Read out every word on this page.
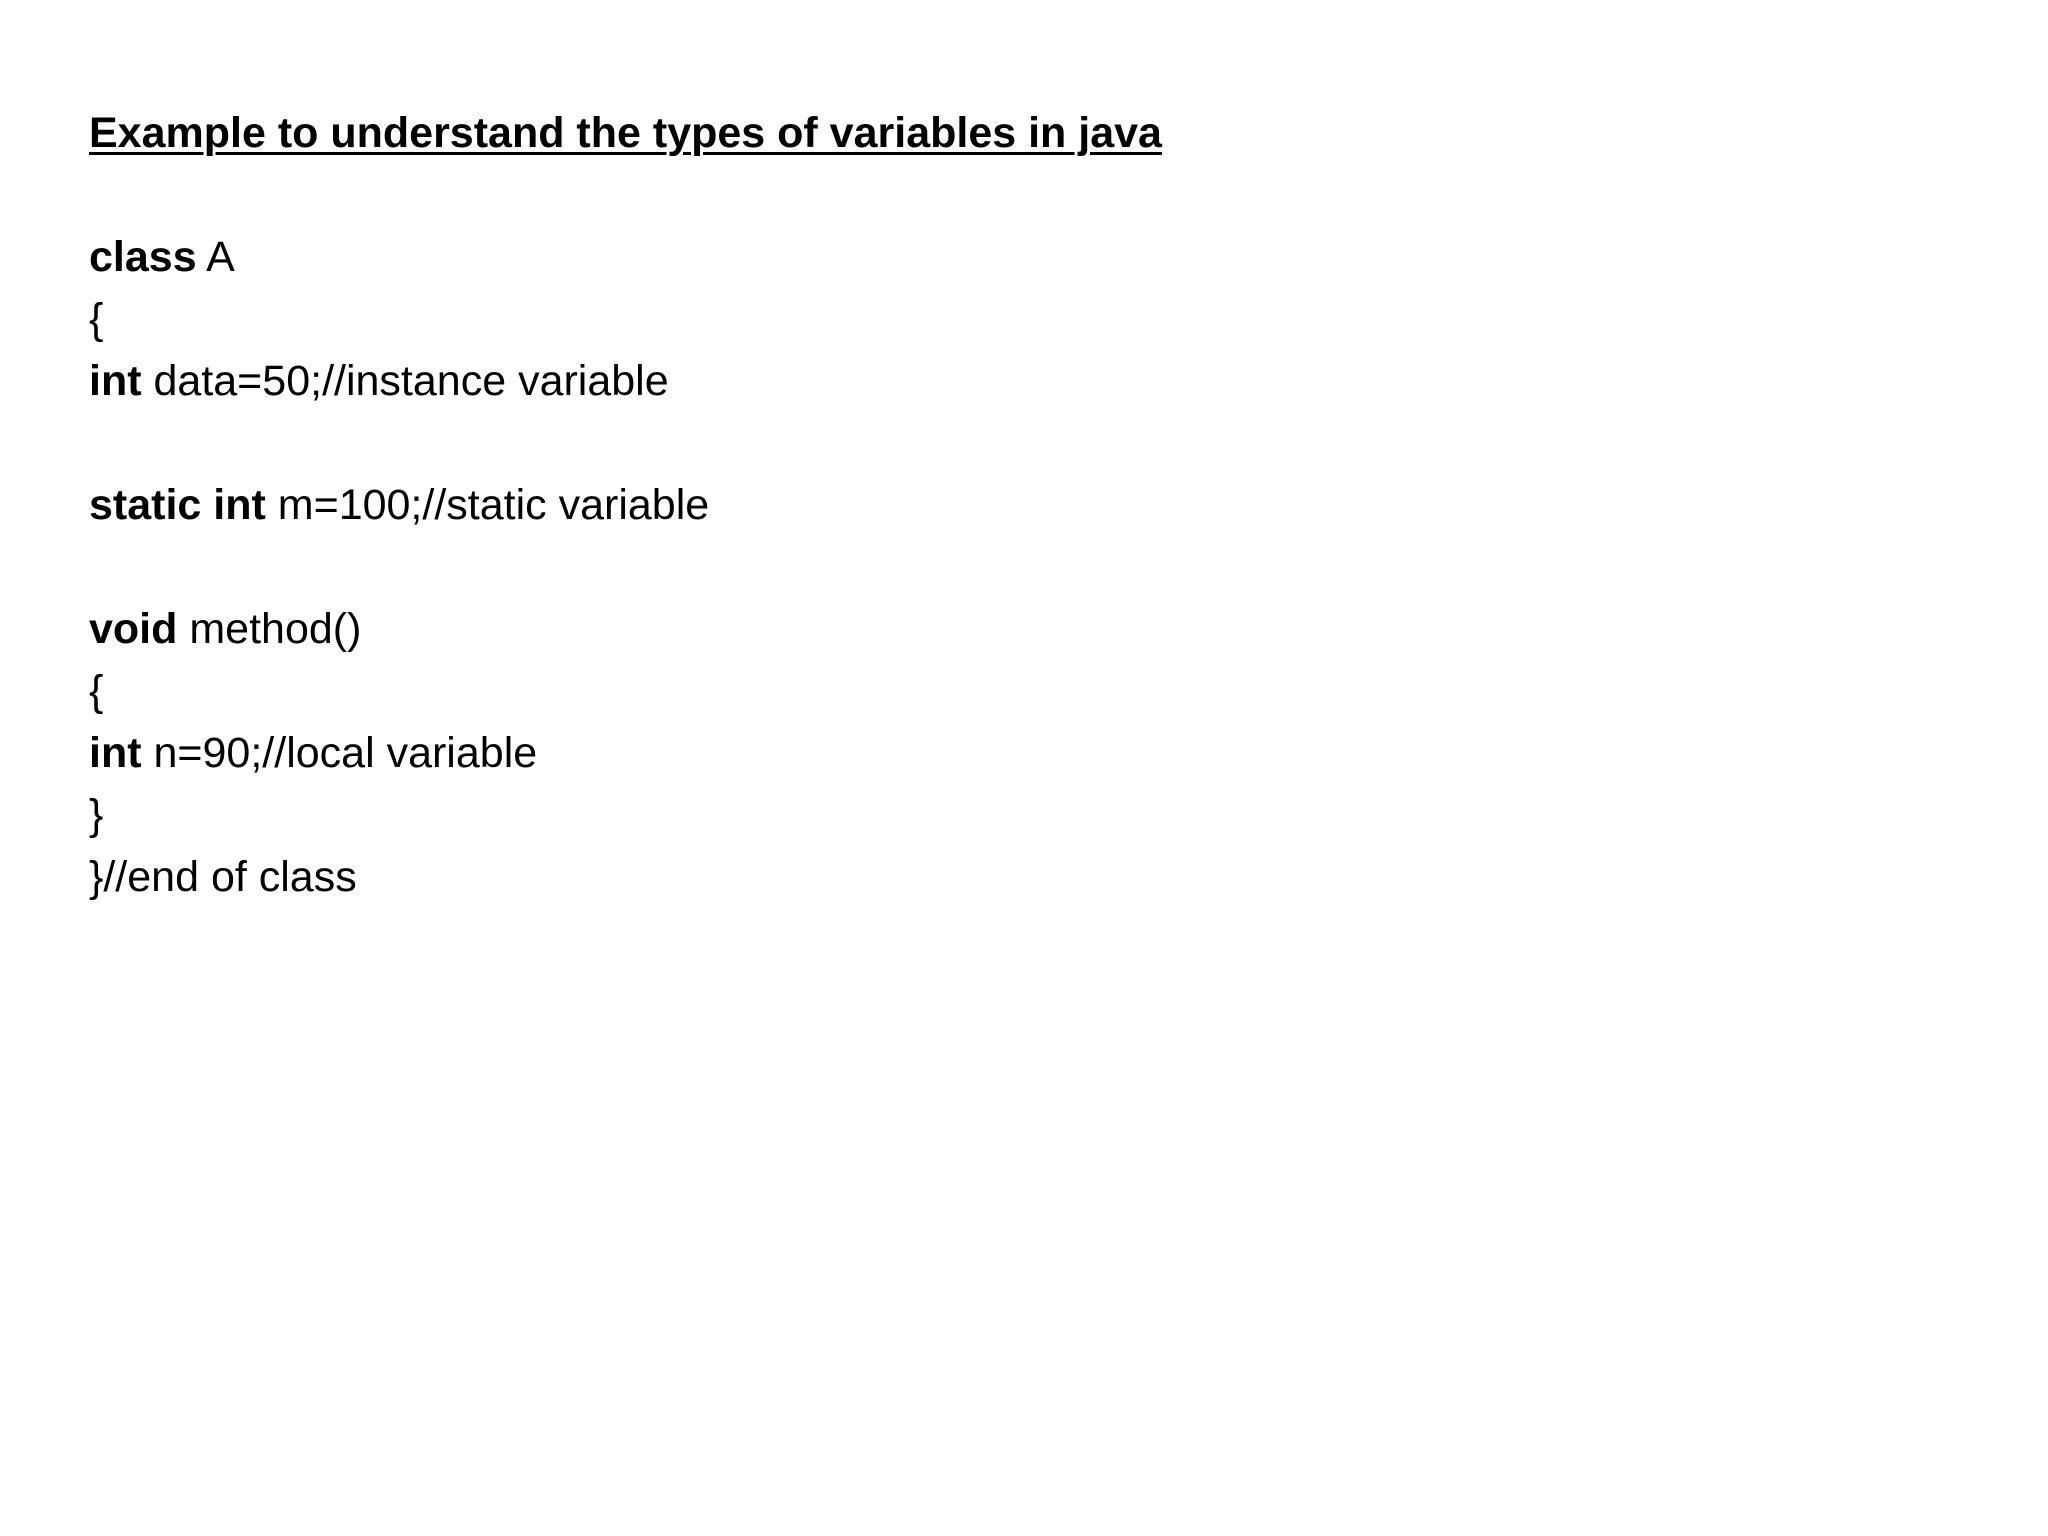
Example to understand the types of variables in java
class A
{
int data=50;//instance variable
static int m=100;//static variable
void method()
{
int n=90;//local variable
}
}//end of class
